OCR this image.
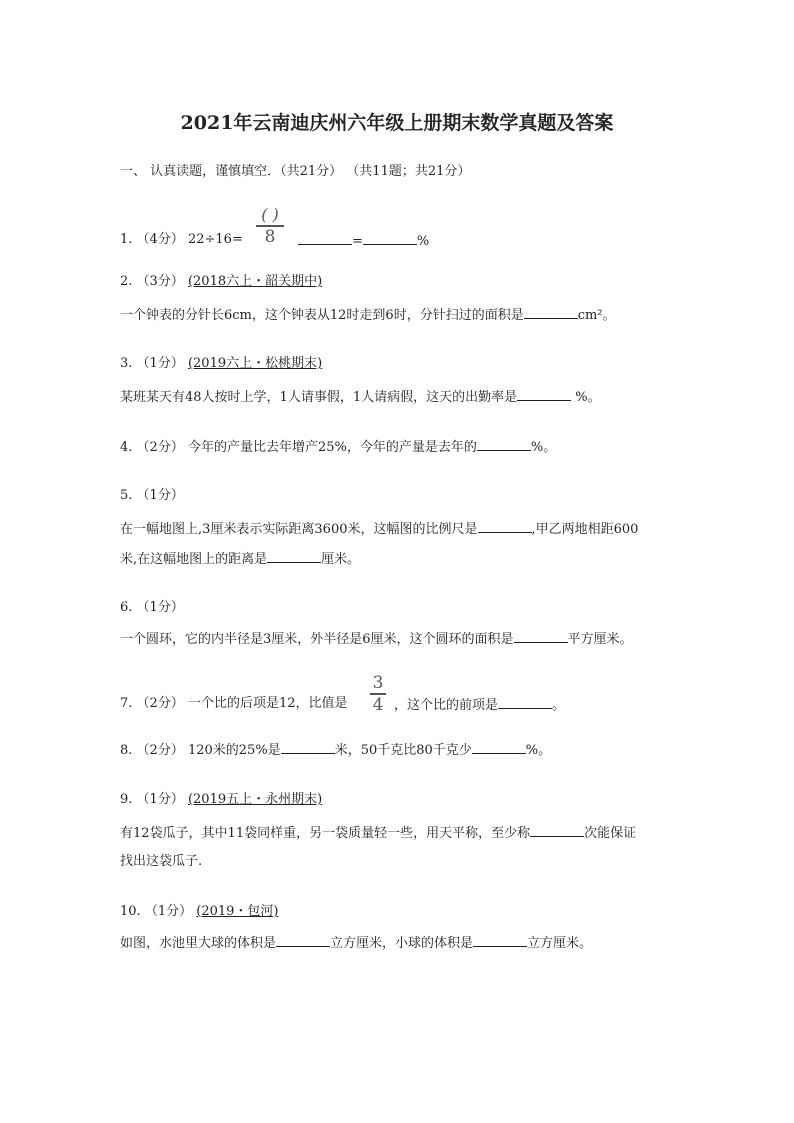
2021年云南迪庆州六年级上册期末数学真题及答案
一、 认真读题，谨慎填空．（共21分） （共11题；共21分）
1. （4分） 22÷16=
( )
8	=	%
2. （3分） (2018六上・韶关期中)
一个钟表的分针长6cm，这个钟表从12时走到6时，分针扫过的面积是	cm²。
3. （1分） (2019六上・松桃期末)
某班某天有48人按时上学，1人请事假，1人请病假，这天的出勤率是	%。
4. （2分） 今年的产量比去年增产25%，今年的产量是去年的	%。
5. （1分）
在一幅地图上,3厘米表示实际距离3600米，这幅图的比例尺是	,甲乙两地相距600
米,在这幅地图上的距离是	厘米。
6. （1分）
一个圆环，它的内半径是3厘米，外半径是6厘米，这个圆环的面积是	平方厘米。
7. （2分） 一个比的后项是12，比值是
3
4 ，这个比的前项是	。
8. （2分） 120米的25%是	米，50千克比80千克少	%。
9. （1分） (2019五上・永州期末)
有12袋瓜子，其中11袋同样重，另一袋质量轻一些，用天平称，至少称	次能保证
找出这袋瓜子.
10. （1分） (2019・包河)
如图，水池里大球的体积是	立方厘米，小球的体积是	立方厘米。
